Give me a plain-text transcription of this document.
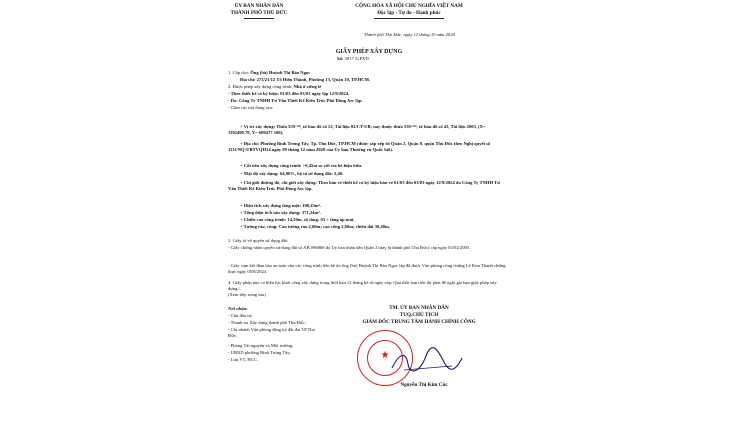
ỦY BAN NHÂN DÂN
THÀNH PHỐ THỦ ĐỨC
CỘNG HÒA XÃ HỘI CHỦ NGHĨA VIỆT NAM
Độc lập - Tự do - Hạnh phúc
Thành phố Thủ Đức, ngày 12 tháng 10 năm 2024
GIẤY PHÉP XÂY DỰNG
Số: 3017 /GPXD
1. Cấp cho: Ông (bà) Huỳnh Thị Bảo Ngọc
Địa chỉ: 273/21/12 Tô Hiến Thành, Phường 13, Quận 10, TP.HCM.
2. Được phép xây dựng công trình: Nhà ở riêng lẻ
- Theo thiết kế có ký hiệu: 01/03 đến 03/03 ngày lập 12/9/2024.
- Do: Công Ty TNHH Tư Vấn Thiết Kế Kiến Trúc Phố Đông Arc lập.
- Gồm các nội dung sau:
+ Vị trí xây dựng: Thửa 559-¹⁵⁸, tờ bản đồ số 12, Tài liệu 02/CT-UB; nay thuộc thửa 559-¹⁵⁸, tờ bản đồ số 45, Tài liệu 2003, (X= 1192490.78, Y= 609477.100).
+ Địa chỉ: Phường Bình Trưng Tây, Tp. Thủ Đức, TP.HCM (được sắp xếp từ Quận 2, Quận 9, quận Thủ Đức theo Nghị quyết số 1111/NQ-UBTVQH14 ngày 09 tháng 12 năm 2020 của Ủy ban Thường vụ Quốc hội).
+ Cốt nền xây dựng công trình: +0,45m so với vỉa hè hiện hữu.
+ Mật độ xây dựng: 64,96%, hệ số sử dụng đất: 2,40.
+ Chỉ giới đường đỏ, chỉ giới xây dựng: Theo bản vẽ thiết kế có ký hiệu bản vẽ 01/03 đến 03/03 ngày 12/9/2024 do Công Ty TNHH Tư Vấn Thiết Kế Kiến Trúc Phố Đông Arc lập.
+ Diện tích xây dựng tầng một: 100,43m².
+ Tổng diện tích sàn xây dựng: 371,24m².
+ Chiều cao công trình: 14,50m, số tầng: 03 + tầng áp mái.
+ Tường rào, cổng: Cao tường rào 2,60m; cao cổng 2,60m; chiều dài 30,48m.
3. Giấy tờ về quyền sử dụng đất:
- Giấy chứng nhận quyền sử dụng đất số AB 096868 do Ủy ban nhân dân Quận 2 (nay là thành phố Thủ Đức) cấp ngày 03/02/2005.
- Giấy cam kết đảm bảo an toàn cho các công trình liền kề do ông (bà) Huỳnh Thị Bảo Ngọc lập đã được Văn phòng công chứng Lê Kim Thanh chứng thực ngày 05/8/2024.
4. Giấy phép này có hiệu lực khởi công xây dựng trong thời hạn 12 tháng kể từ ngày cấp; Quá thời hạn trên thì phải đề nghị gia hạn giấy phép xây dựng./.
(Xem tiếp trang sau)
Nơi nhận:
- Chủ đầu tư;
- Thanh tra Xây dựng thành phố Thủ Đức;
- Chi nhánh Văn phòng đăng ký đất đai TP.Thủ Đức;
- Phòng Tài nguyên và Môi trường;
- UBND phường Bình Trưng Tây;
- Lưu VT, HCC.
TM. ỦY BAN NHÂN DÂN
TUQ.CHỦ TỊCH
GIÁM ĐỐC TRUNG TÂM HÀNH CHÍNH CÔNG
★
Nguyễn Thị Kim Cúc
